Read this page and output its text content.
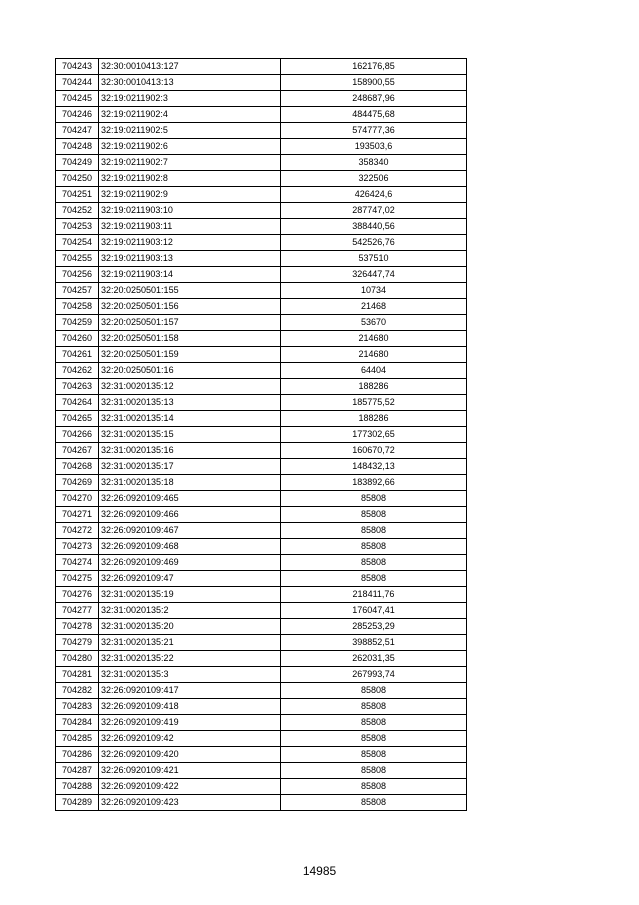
704243	32:30:0010413:127	162176,85
704244	32:30:0010413:13	158900,55
704245	32:19:0211902:3	248687,96
704246	32:19:0211902:4	484475,68
704247	32:19:0211902:5	574777,36
704248	32:19:0211902:6	193503,6
704249	32:19:0211902:7	358340
704250	32:19:0211902:8	322506
704251	32:19:0211902:9	426424,6
704252	32:19:0211903:10	287747,02
704253	32:19:0211903:11	388440,56
704254	32:19:0211903:12	542526,76
704255	32:19:0211903:13	537510
704256	32:19:0211903:14	326447,74
704257	32:20:0250501:155	10734
704258	32:20:0250501:156	21468
704259	32:20:0250501:157	53670
704260	32:20:0250501:158	214680
704261	32:20:0250501:159	214680
704262	32:20:0250501:16	64404
704263	32:31:0020135:12	188286
704264	32:31:0020135:13	185775,52
704265	32:31:0020135:14	188286
704266	32:31:0020135:15	177302,65
704267	32:31:0020135:16	160670,72
704268	32:31:0020135:17	148432,13
704269	32:31:0020135:18	183892,66
704270	32:26:0920109:465	85808
704271	32:26:0920109:466	85808
704272	32:26:0920109:467	85808
704273	32:26:0920109:468	85808
704274	32:26:0920109:469	85808
704275	32:26:0920109:47	85808
704276	32:31:0020135:19	218411,76
704277	32:31:0020135:2	176047,41
704278	32:31:0020135:20	285253,29
704279	32:31:0020135:21	398852,51
704280	32:31:0020135:22	262031,35
704281	32:31:0020135:3	267993,74
704282	32:26:0920109:417	85808
704283	32:26:0920109:418	85808
704284	32:26:0920109:419	85808
704285	32:26:0920109:42	85808
704286	32:26:0920109:420	85808
704287	32:26:0920109:421	85808
704288	32:26:0920109:422	85808
704289	32:26:0920109:423	85808
14985
